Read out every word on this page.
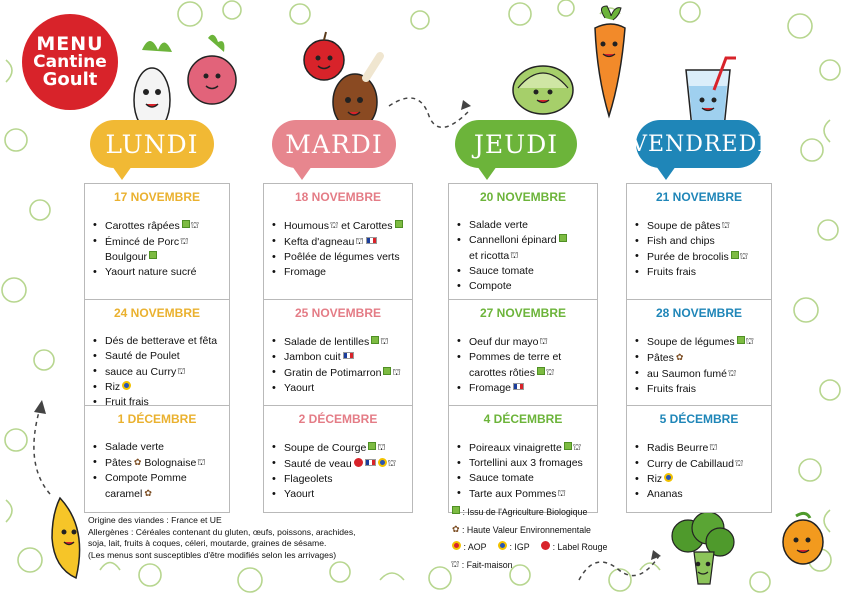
MENU
Cantine
Goult
LUNDI	MARDI	JEUDI	VENDREDI
17 NOVEMBRE
• Carottes râpées ⛫
• Émincé de Porc⛫
Boulgour
• Yaourt nature sucré
24 NOVEMBRE
• Dés de betterave et fêta
• Sauté de Poulet
• sauce au Curry⛫
• Riz
• Fruit frais
1 DÉCEMBRE
• Salade verte
• Pâtes ✿ Bolognaise⛫
• Compote Pomme
caramel ✿
18 NOVEMBRE
• Houmous⛫ et Carottes
• Kefta d'agneau⛫
• Poêlée de légumes verts
• Fromage
25 NOVEMBRE
• Salade de lentilles ⛫
• Jambon cuit
• Gratin de Potimarron ⛫
• Yaourt
2 DÉCEMBRE
• Soupe de Courge ⛫
• Sauté de veau	⛫
• Flageolets
• Yaourt
20 NOVEMBRE
• Salade verte
• Cannelloni épinard
et ricotta⛫
• Sauce tomate
• Compote
27 NOVEMBRE
• Oeuf dur mayo⛫
• Pommes de terre et
carottes rôties ⛫
• Fromage
4 DÉCEMBRE
• Poireaux vinaigrette ⛫
• Tortellini aux 3 fromages
• Sauce tomate
• Tarte aux Pommes⛫
21 NOVEMBRE
• Soupe de pâtes⛫
• Fish and chips
• Purée de brocolis ⛫
• Fruits frais
28 NOVEMBRE
• Soupe de légumes ⛫
• Pâtes ✿
• au Saumon fumé⛫
• Fruits frais
5 DÉCEMBRE
• Radis Beurre⛫
• Curry de Cabillaud⛫
• Riz
• Ananas
Origine des viandes : France et UE
Allergènes : Céréales contenant du gluten, œufs, poissons, arachides,
soja, lait, fruits à coques, céleri, moutarde, graines de sésame.
(Les menus sont susceptibles d'être modifiés selon les arrivages)
: Issu de l'Agriculture Biologique
✿ : Haute Valeur Environnementale
: AOP	: IGP	: Label Rouge
⛫ : Fait-maison
